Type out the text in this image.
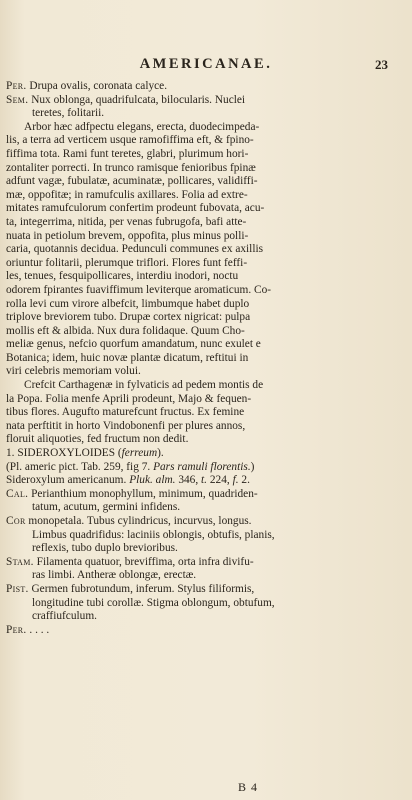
AMERICANAE.	23
Per. Drupa ovalis, coronata calyce.
Sem. Nux oblonga, quadrifulcata, bilocularis. Nuclei
teretes, folitarii.
Arbor hæc adfpectu elegans, erecta, duodecimpeda-
lis, a terra ad verticem usque ramofiffima eft, & fpino-
fiffima tota. Rami funt teretes, glabri, plurimum hori-
zontaliter porrecti. In trunco ramisque fenioribus fpinæ
adfunt vagæ, fubulatæ, acuminatæ, pollicares, validiffi-
mæ, oppofitæ; in ramufculis axillares. Folia ad extre-
mitates ramufculorum confertim prodeunt fubovata, acu-
ta, integerrima, nitida, per venas fubrugofa, bafi atte-
nuata in petiolum brevem, oppofita, plus minus polli-
caria, quotannis decidua. Pedunculi communes ex axillis
oriuntur folitarii, plerumque triflori. Flores funt feffi-
les, tenues, fesquipollicares, interdiu inodori, noctu
odorem fpirantes fuaviffimum leviterque aromaticum. Co-
rolla levi cum virore albefcit, limbumque habet duplo
triplove breviorem tubo. Drupæ cortex nigricat: pulpa
mollis eft & albida. Nux dura folidaque. Quum Cho-
meliæ genus, nefcio quorfum amandatum, nunc exulet e
Botanica; idem, huic novæ plantæ dicatum, reftitui in
viri celebris memoriam volui.
Crefcit Carthagenæ in fylvaticis ad pedem montis de
la Popa. Folia menfe Aprili prodeunt, Majo & fequen-
tibus flores. Augufto maturefcunt fructus. Ex femine
nata perftitit in horto Vindobonenfi per plures annos,
floruit aliquoties, fed fructum non dedit.
1. SIDEROXYLOIDES (ferreum).
(Pl. americ pict. Tab. 259, fig 7. Pars ramuli florentis.)
Sideroxylum americanum. Pluk. alm. 346, t. 224, f. 2.
Cal. Perianthium monophyllum, minimum, quadriden-
tatum, acutum, germini infidens.
Cor monopetala. Tubus cylindricus, incurvus, longus.
Limbus quadrifidus: laciniis oblongis, obtufis, planis,
reflexis, tubo duplo brevioribus.
Stam. Filamenta quatuor, breviffima, orta infra divifu-
ras limbi. Antheræ oblongæ, erectæ.
Pist. Germen fubrotundum, inferum. Stylus filiformis,
longitudine tubi corollæ. Stigma oblongum, obtufum,
craffiufculum.
Per. . . . .
B 4
